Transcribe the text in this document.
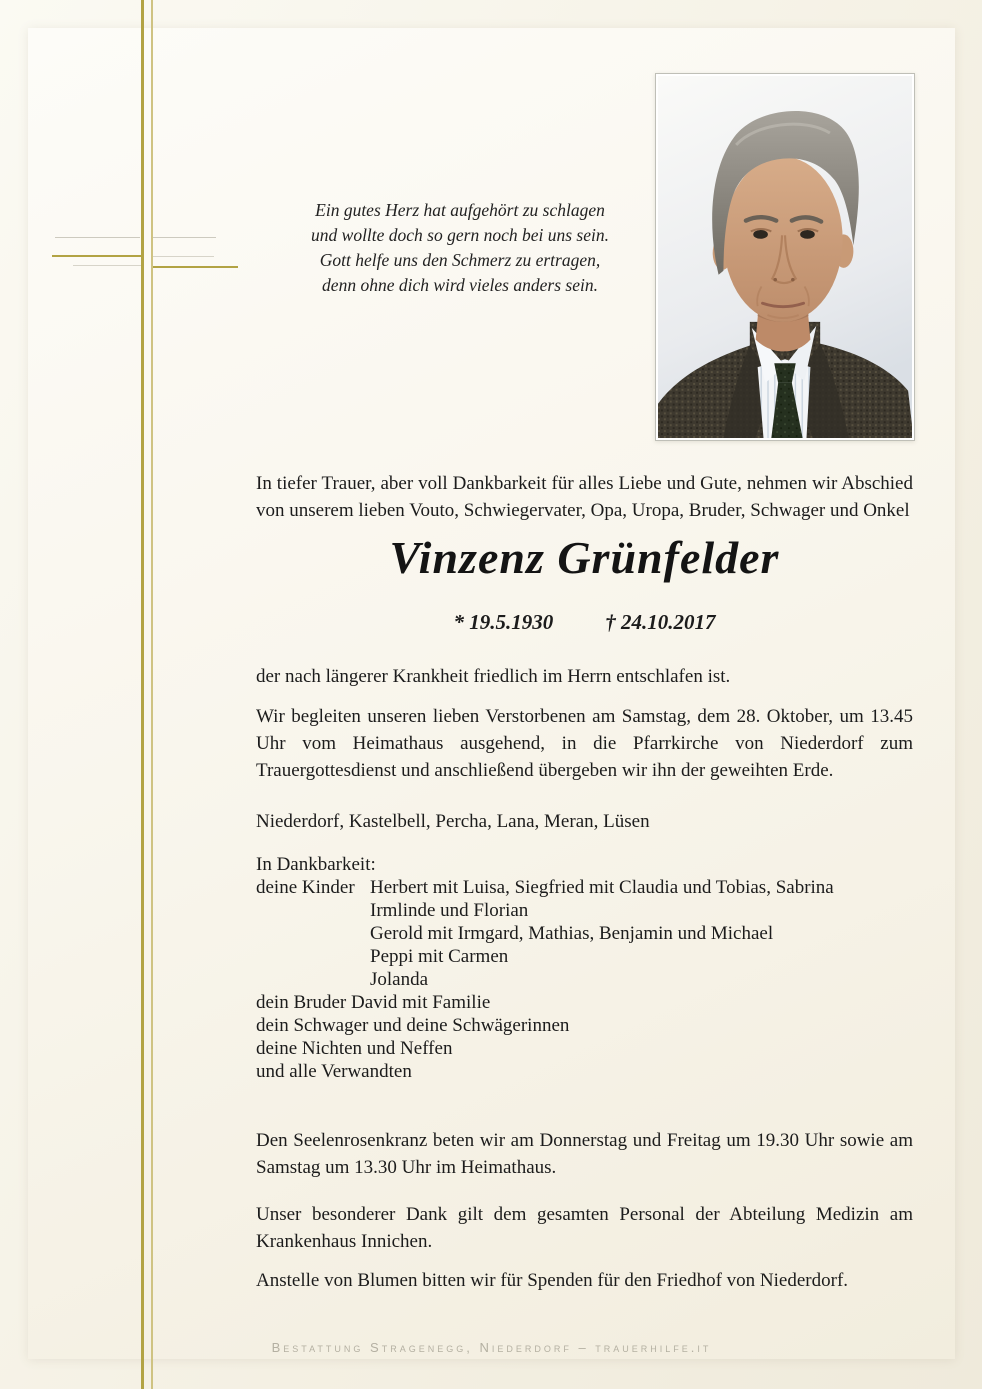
Ein gutes Herz hat aufgehört zu schlagen
und wollte doch so gern noch bei uns sein.
Gott helfe uns den Schmerz zu ertragen,
denn ohne dich wird vieles anders sein.

In tiefer Trauer, aber voll Dankbarkeit für alles Liebe und Gute, nehmen wir Abschied von unserem lieben Vouto, Schwiegervater, Opa, Uropa, Bruder, Schwager und Onkel

Vinzenz Grünfelder
* 19.5.1930 † 24.10.2017

der nach längerer Krankheit friedlich im Herrn entschlafen ist.

Wir begleiten unseren lieben Verstorbenen am Samstag, dem 28. Oktober, um 13.45 Uhr vom Heimathaus ausgehend, in die Pfarrkirche von Niederdorf zum Trauergottesdienst und anschließend übergeben wir ihn der geweihten Erde.

Niederdorf, Kastelbell, Percha, Lana, Meran, Lüsen

In Dankbarkeit:

deine Kinder Herbert mit Luisa, Siegfried mit Claudia und Tobias, Sabrina
Irmlinde und Florian
Gerold mit Irmgard, Mathias, Benjamin und Michael
Peppi mit Carmen
Jolanda
dein Bruder David mit Familie
dein Schwager und deine Schwägerinnen
deine Nichten und Neffen
und alle Verwandten

Den Seelenrosenkranz beten wir am Donnerstag und Freitag um 19.30 Uhr sowie am Samstag um 13.30 Uhr im Heimathaus.

Unser besonderer Dank gilt dem gesamten Personal der Abteilung Medizin am Krankenhaus Innichen.

Anstelle von Blumen bitten wir für Spenden für den Friedhof von Niederdorf.

Bestattung Stragenegg, Niederdorf – trauerhilfe.it
